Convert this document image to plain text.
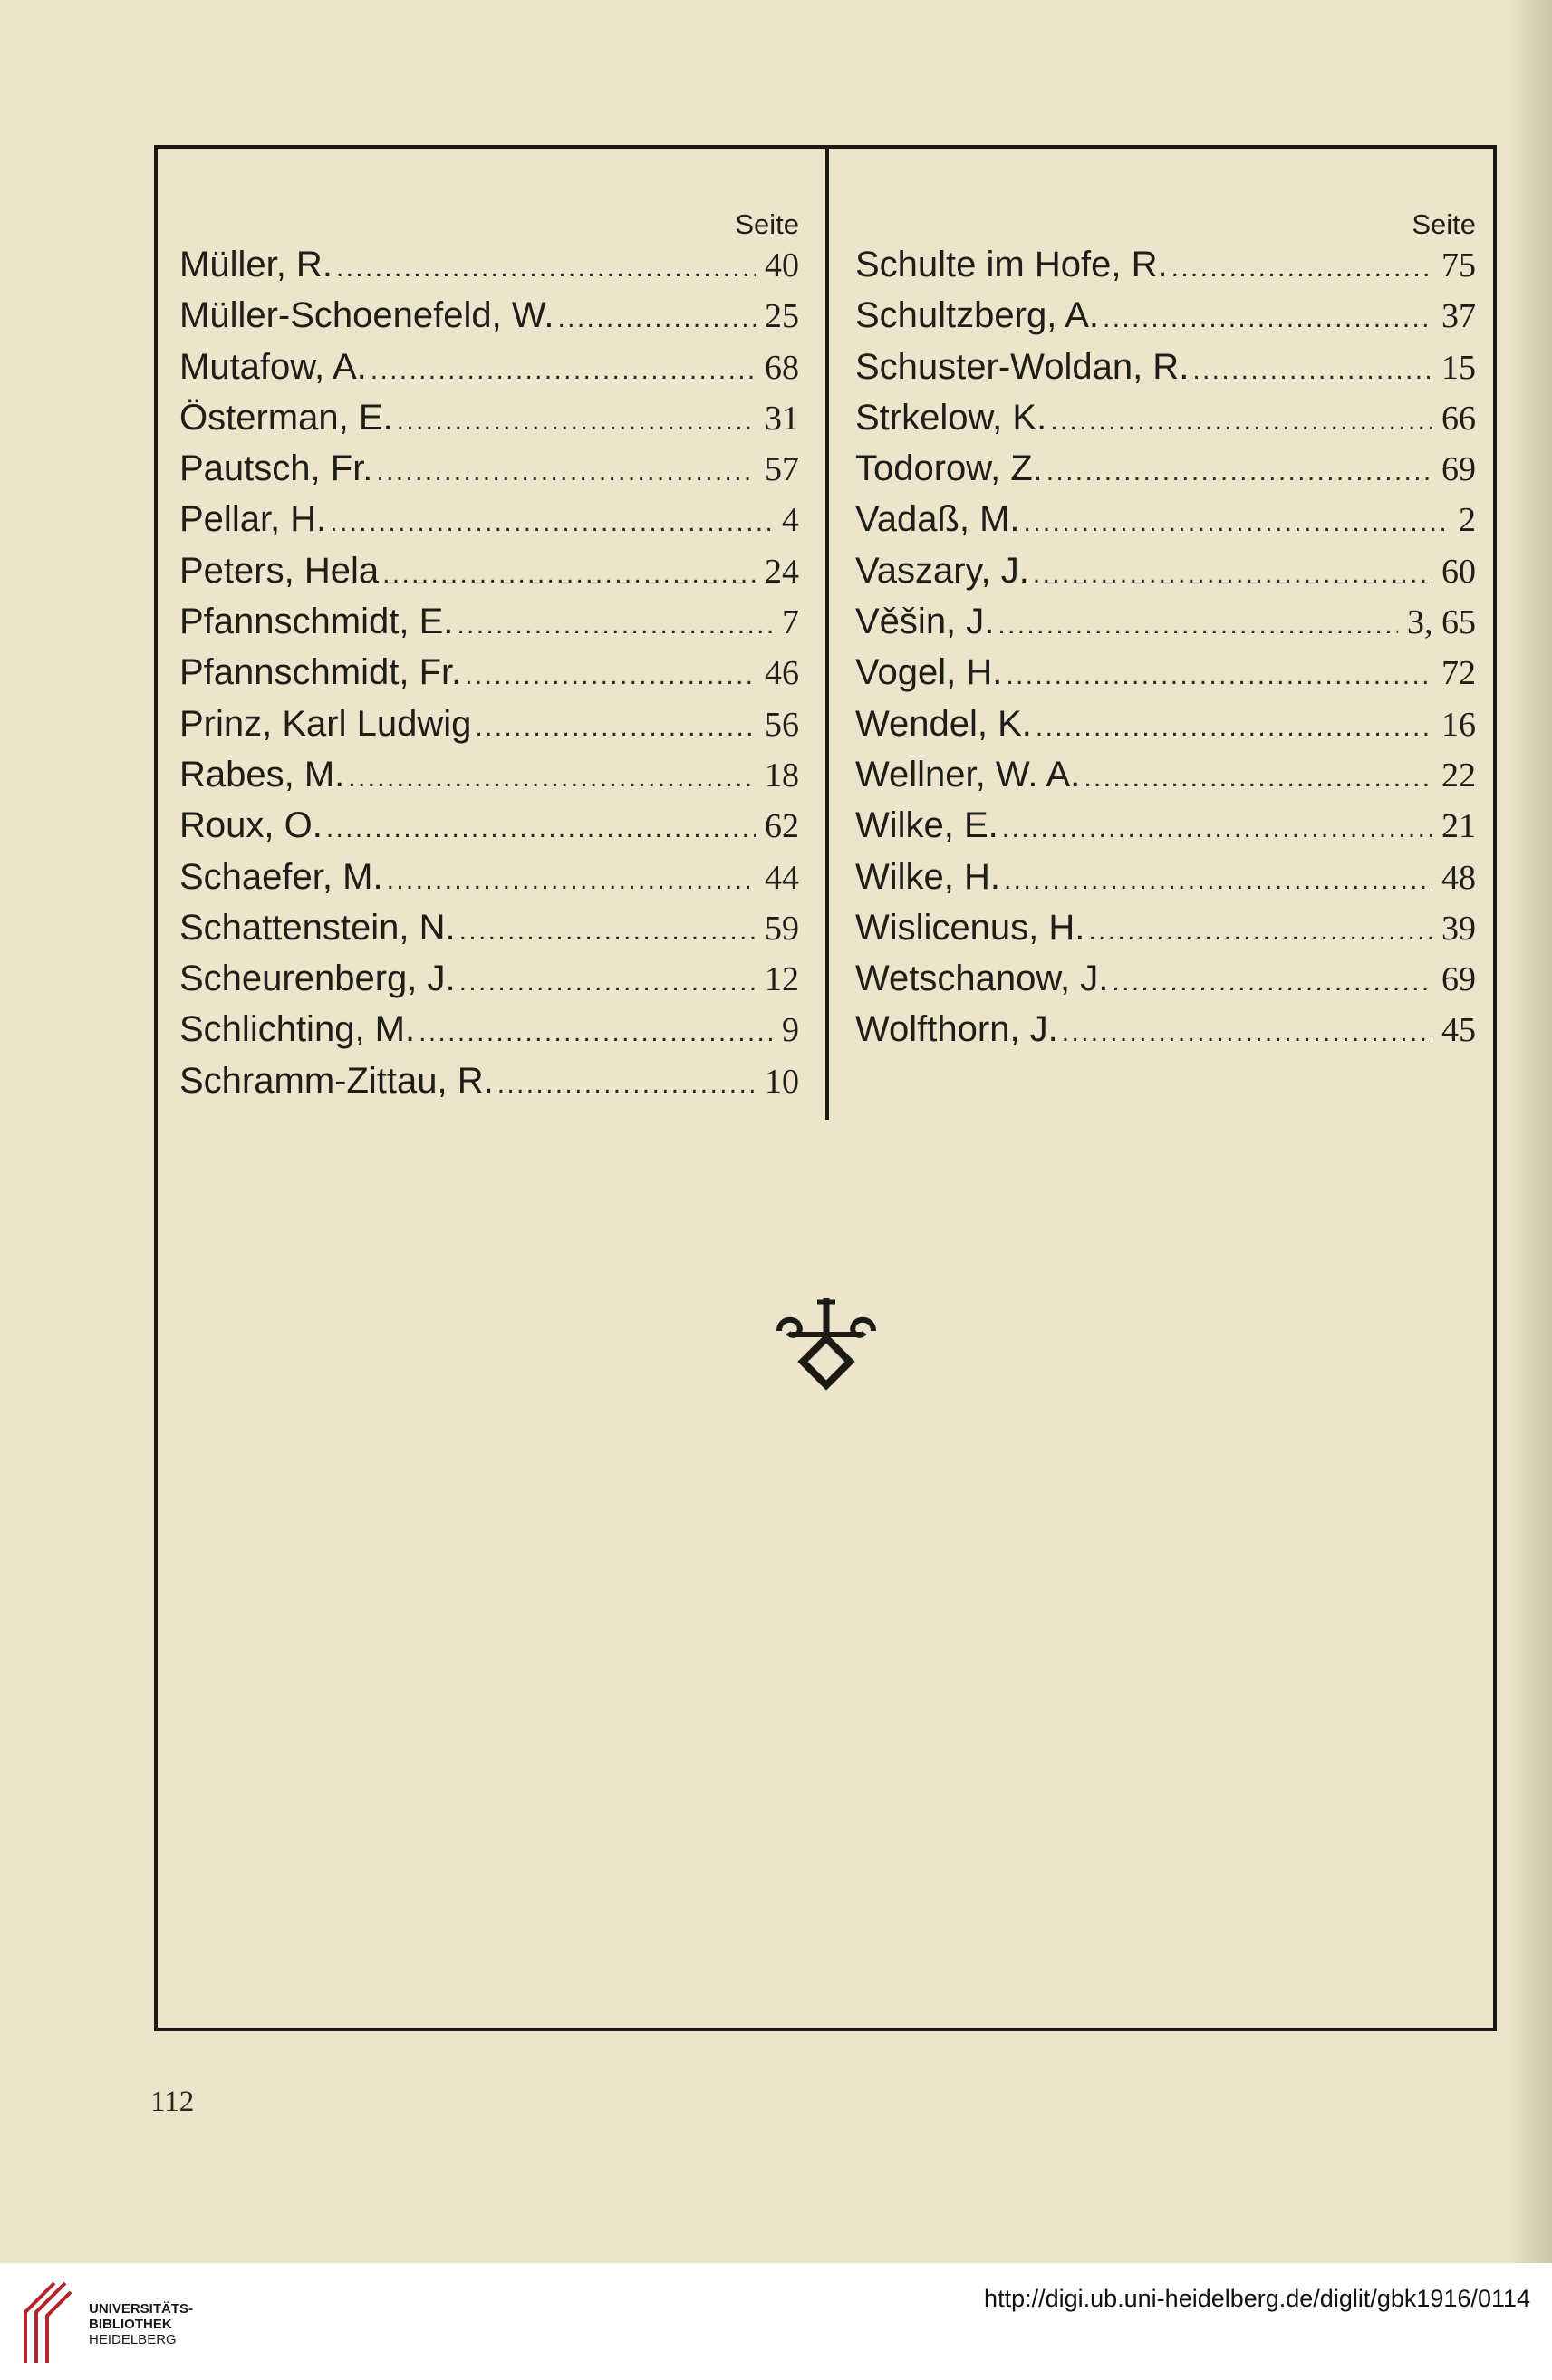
Seite
Müller, R. . . .	40
Müller-Schoenefeld, W. . . .	25
Mutafow, A. . . .	68
Österman, E. . . .	31
Pautsch, Fr. . . .	57
Pellar, H. . . .	4
Peters, Hela . . .	24
Pfannschmidt, E. . . .	7
Pfannschmidt, Fr. . . .	46
Prinz, Karl Ludwig . . .	56
Rabes, M. . . .	18
Roux, O. . . .	62
Schaefer, M. . . .	44
Schattenstein, N. . . .	59
Scheurenberg, J. . . .	12
Schlichting, M. . . .	9
Schramm-Zittau, R. . . .	10
Seite
Schulte im Hofe, R. . . .	75
Schultzberg, A. . . .	37
Schuster-Woldan, R. . . .	15
Strkelow, K. . . .	66
Todorow, Z. . . .	69
Vadaß, M. . . .	2
Vaszary, J. . . .	60
Věšin, J. . . .	3, 65
Vogel, H. . . .	72
Wendel, K. . . .	16
Wellner, W. A. . . .	22
Wilke, E. . . .	21
Wilke, H. . . .	48
Wislicenus, H. . . .	39
Wetschanow, J. . . .	69
Wolfthorn, J. . . .	45
112
UNIVERSITÄTS-
BIBLIOTHEK
HEIDELBERG
http://digi.ub.uni-heidelberg.de/diglit/gbk1916/0114
